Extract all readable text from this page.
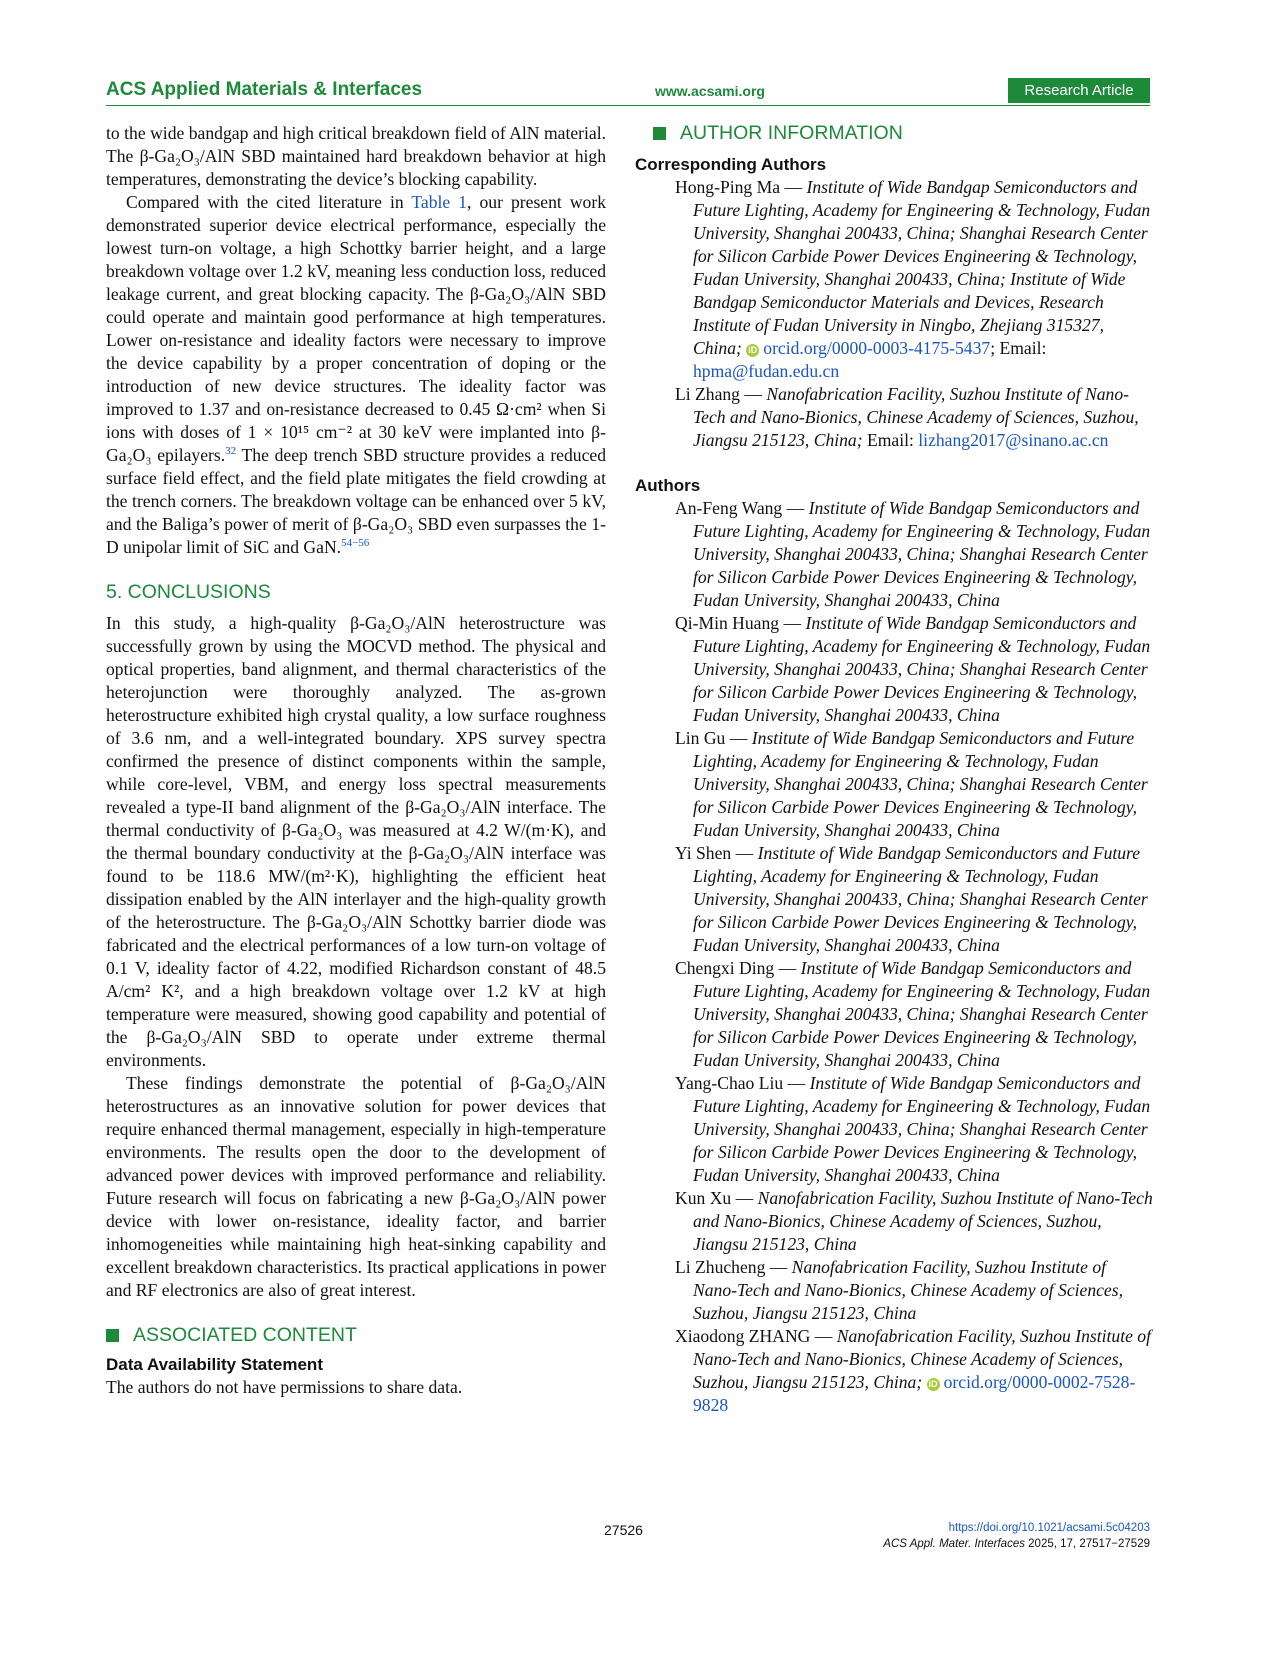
ACS Applied Materials & Interfaces	www.acsami.org	Research Article

to the wide bandgap and high critical breakdown field of AlN material. The β-Ga₂O₃/AlN SBD maintained hard breakdown behavior at high temperatures, demonstrating the device’s blocking capability.

Compared with the cited literature in Table 1, our present work demonstrated superior device electrical performance, especially the lowest turn-on voltage, a high Schottky barrier height, and a large breakdown voltage over 1.2 kV, meaning less conduction loss, reduced leakage current, and great blocking capacity. The β-Ga₂O₃/AlN SBD could operate and maintain good performance at high temperatures. Lower on-resistance and ideality factors were necessary to improve the device capability by a proper concentration of doping or the introduction of new device structures. The ideality factor was improved to 1.37 and on-resistance decreased to 0.45 Ω·cm² when Si ions with doses of 1 × 10¹⁵ cm⁻² at 30 keV were implanted into β-Ga₂O₃ epilayers.$^{32}$ The deep trench SBD structure provides a reduced surface field effect, and the field plate mitigates the field crowding at the trench corners. The breakdown voltage can be enhanced over 5 kV, and the Baliga’s power of merit of β-Ga₂O₃ SBD even surpasses the 1-D unipolar limit of SiC and GaN.$^{54-56}$

5. CONCLUSIONS

In this study, a high-quality β-Ga₂O₃/AlN heterostructure was successfully grown by using the MOCVD method. The physical and optical properties, band alignment, and thermal characteristics of the heterojunction were thoroughly analyzed. The as-grown heterostructure exhibited high crystal quality, a low surface roughness of 3.6 nm, and a well-integrated boundary. XPS survey spectra confirmed the presence of distinct components within the sample, while core-level, VBM, and energy loss spectral measurements revealed a type-II band alignment of the β-Ga₂O₃/AlN interface. The thermal conductivity of β-Ga₂O₃ was measured at 4.2 W/(m·K), and the thermal boundary conductivity at the β-Ga₂O₃/AlN interface was found to be 118.6 MW/(m²·K), highlighting the efficient heat dissipation enabled by the AlN interlayer and the high-quality growth of the heterostructure. The β-Ga₂O₃/AlN Schottky barrier diode was fabricated and the electrical performances of a low turn-on voltage of 0.1 V, ideality factor of 4.22, modified Richardson constant of 48.5 A/cm² K², and a high breakdown voltage over 1.2 kV at high temperature were measured, showing good capability and potential of the β-Ga₂O₃/AlN SBD to operate under extreme thermal environments.

These findings demonstrate the potential of β-Ga₂O₃/AlN heterostructures as an innovative solution for power devices that require enhanced thermal management, especially in high-temperature environments. The results open the door to the development of advanced power devices with improved performance and reliability. Future research will focus on fabricating a new β-Ga₂O₃/AlN power device with lower on-resistance, ideality factor, and barrier inhomogeneities while maintaining high heat-sinking capability and excellent breakdown characteristics. Its practical applications in power and RF electronics are also of great interest.

ASSOCIATED CONTENT
Data Availability Statement

The authors do not have permissions to share data.

AUTHOR INFORMATION
Corresponding Authors

Hong-Ping Ma — Institute of Wide Bandgap Semiconductors and Future Lighting, Academy for Engineering & Technology, Fudan University, Shanghai 200433, China; Shanghai Research Center for Silicon Carbide Power Devices Engineering & Technology, Fudan University, Shanghai 200433, China; Institute of Wide Bandgap Semiconductor Materials and Devices, Research Institute of Fudan University in Ningbo, Zhejiang 315327, China; iD orcid.org/0000-0003-4175-5437; Email: hpma@fudan.edu.cn

Li Zhang — Nanofabrication Facility, Suzhou Institute of Nano-Tech and Nano-Bionics, Chinese Academy of Sciences, Suzhou, Jiangsu 215123, China; Email: lizhang2017@sinano.ac.cn

Authors

An-Feng Wang — Institute of Wide Bandgap Semiconductors and Future Lighting, Academy for Engineering & Technology, Fudan University, Shanghai 200433, China; Shanghai Research Center for Silicon Carbide Power Devices Engineering & Technology, Fudan University, Shanghai 200433, China

Qi-Min Huang — Institute of Wide Bandgap Semiconductors and Future Lighting, Academy for Engineering & Technology, Fudan University, Shanghai 200433, China; Shanghai Research Center for Silicon Carbide Power Devices Engineering & Technology, Fudan University, Shanghai 200433, China

Lin Gu — Institute of Wide Bandgap Semiconductors and Future Lighting, Academy for Engineering & Technology, Fudan University, Shanghai 200433, China; Shanghai Research Center for Silicon Carbide Power Devices Engineering & Technology, Fudan University, Shanghai 200433, China

Yi Shen — Institute of Wide Bandgap Semiconductors and Future Lighting, Academy for Engineering & Technology, Fudan University, Shanghai 200433, China; Shanghai Research Center for Silicon Carbide Power Devices Engineering & Technology, Fudan University, Shanghai 200433, China

Chengxi Ding — Institute of Wide Bandgap Semiconductors and Future Lighting, Academy for Engineering & Technology, Fudan University, Shanghai 200433, China; Shanghai Research Center for Silicon Carbide Power Devices Engineering & Technology, Fudan University, Shanghai 200433, China

Yang-Chao Liu — Institute of Wide Bandgap Semiconductors and Future Lighting, Academy for Engineering & Technology, Fudan University, Shanghai 200433, China; Shanghai Research Center for Silicon Carbide Power Devices Engineering & Technology, Fudan University, Shanghai 200433, China

Kun Xu — Nanofabrication Facility, Suzhou Institute of Nano-Tech and Nano-Bionics, Chinese Academy of Sciences, Suzhou, Jiangsu 215123, China

Li Zhucheng — Nanofabrication Facility, Suzhou Institute of Nano-Tech and Nano-Bionics, Chinese Academy of Sciences, Suzhou, Jiangsu 215123, China

Xiaodong ZHANG — Nanofabrication Facility, Suzhou Institute of Nano-Tech and Nano-Bionics, Chinese Academy of Sciences, Suzhou, Jiangsu 215123, China; iD orcid.org/0000-0002-7528-9828

27526	https://doi.org/10.1021/acsami.5c04203
ACS Appl. Mater. Interfaces 2025, 17, 27517−27529
